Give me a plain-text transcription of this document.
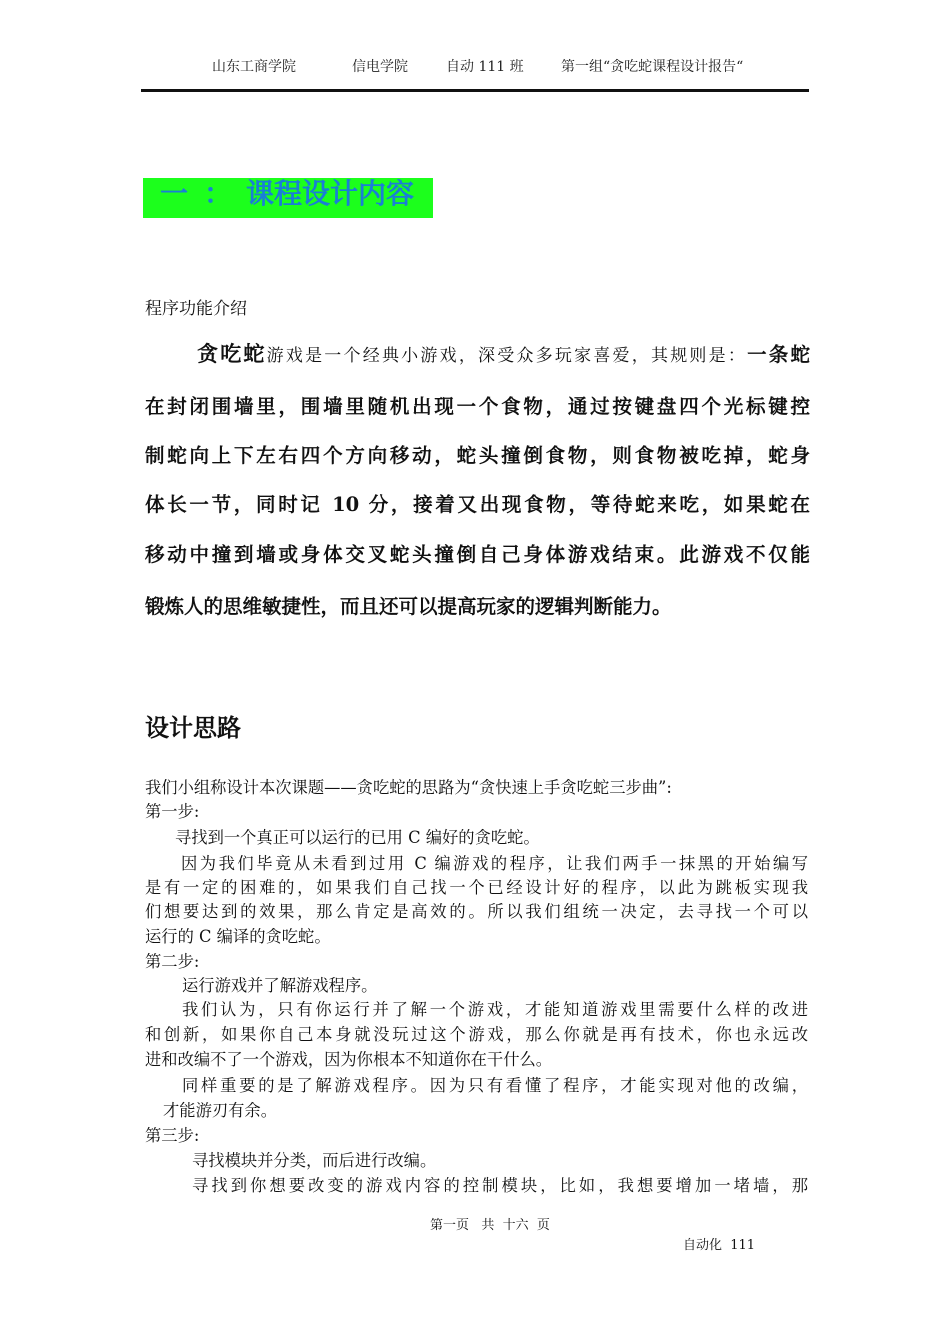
山东工商学院	信电学院	自动 111 班	第一组“贪吃蛇课程设计报告“
一 ： 课程设计内容
程序功能介绍
贪吃蛇游戏是一个经典小游戏，深受众多玩家喜爱，其规则是：一条蛇
在封闭围墙里，围墙里随机出现一个食物，通过按键盘四个光标键控
制蛇向上下左右四个方向移动，蛇头撞倒食物，则食物被吃掉，蛇身
体长一节，同时记 10 分，接着又出现食物，等待蛇来吃，如果蛇在
移动中撞到墙或身体交叉蛇头撞倒自己身体游戏结束。此游戏不仅能
锻炼人的思维敏捷性，而且还可以提高玩家的逻辑判断能力。
设计思路
我们小组称设计本次课题——贪吃蛇的思路为“贪快速上手贪吃蛇三步曲”:
第一步:
寻找到一个真正可以运行的已用 C 编好的贪吃蛇。
因为我们毕竟从未看到过用 C 编游戏的程序，让我们两手一抹黑的开始编写
是有一定的困难的，如果我们自己找一个已经设计好的程序，以此为跳板实现我
们想要达到的效果，那么肯定是高效的。所以我们组统一决定，去寻找一个可以
运行的 C 编译的贪吃蛇。
第二步:
运行游戏并了解游戏程序。
我们认为，只有你运行并了解一个游戏，才能知道游戏里需要什么样的改进
和创新，如果你自己本身就没玩过这个游戏，那么你就是再有技术，你也永远改
进和改编不了一个游戏，因为你根本不知道你在干什么。
同样重要的是了解游戏程序。因为只有看懂了程序，才能实现对他的改编，
才能游刃有余。
第三步:
寻找模块并分类，而后进行改编。
寻找到你想要改变的游戏内容的控制模块，比如，我想要增加一堵墙，那
第一页   共  十六  页
自动化  111
